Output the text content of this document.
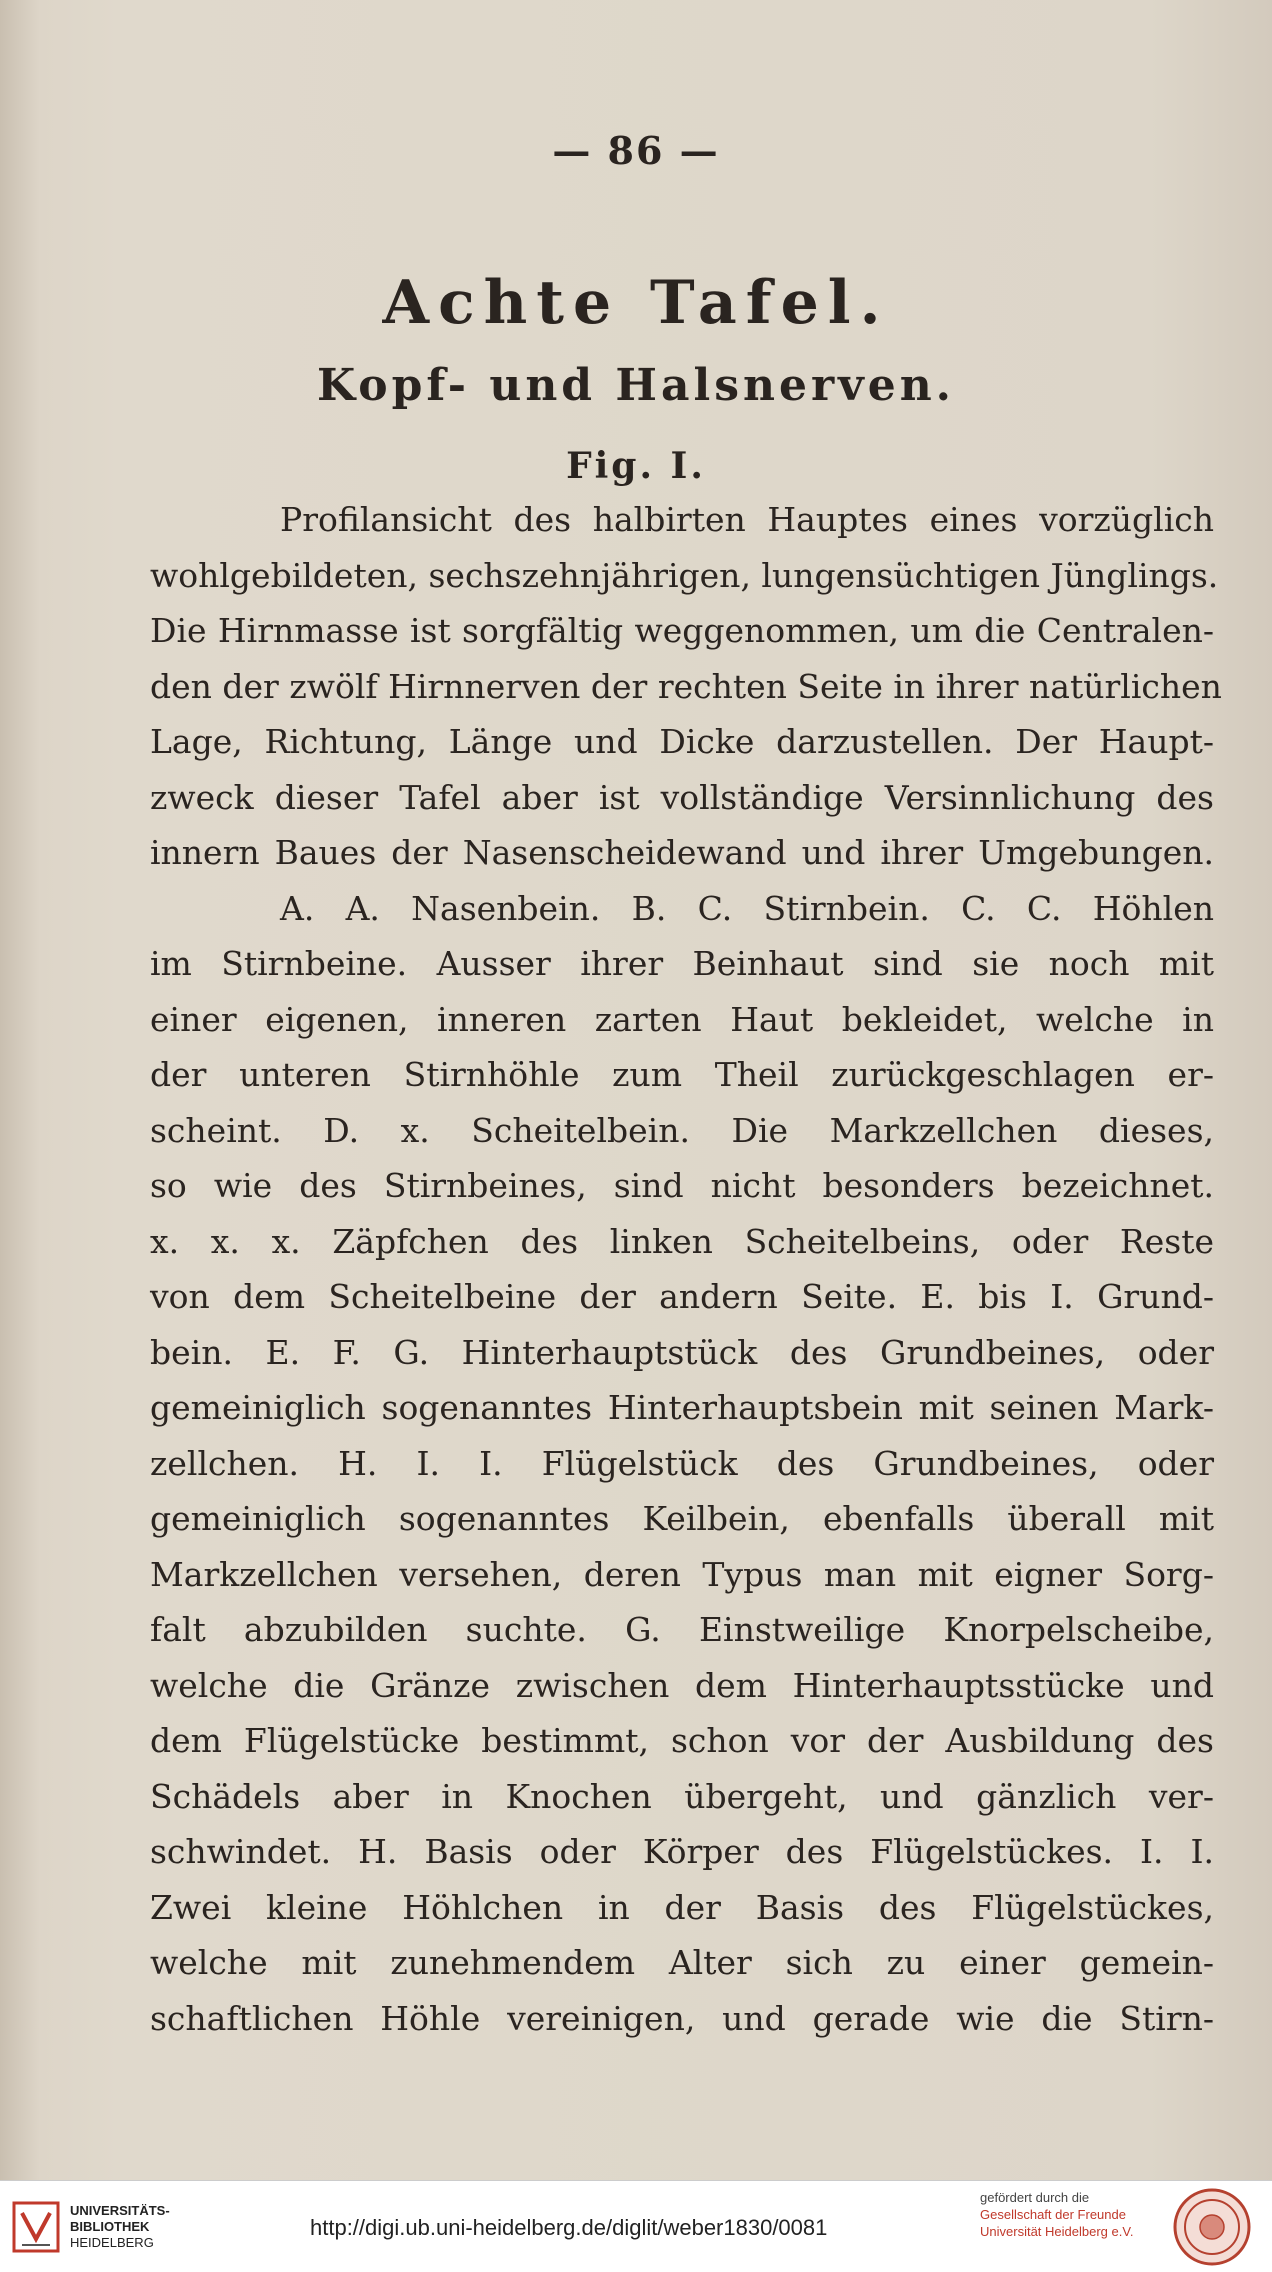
— 86 —
Achte Tafel.
Kopf- und Halsnerven.
Fig. I.
Profilansicht des halbirten Hauptes eines vorzüglich
wohlgebildeten, sechszehnjährigen, lungensüchtigen Jünglings.
Die Hirnmasse ist sorgfältig weggenommen, um die Centralen-
den der zwölf Hirnnerven der rechten Seite in ihrer natürlichen
Lage, Richtung, Länge und Dicke darzustellen. Der Haupt-
zweck dieser Tafel aber ist vollständige Versinnlichung des
innern Baues der Nasenscheidewand und ihrer Umgebungen.
A. A. Nasenbein. B. C. Stirnbein. C. C. Höhlen
im Stirnbeine. Ausser ihrer Beinhaut sind sie noch mit
einer eigenen, inneren zarten Haut bekleidet, welche in
der unteren Stirnhöhle zum Theil zurückgeschlagen er-
scheint. D. x. Scheitelbein. Die Markzellchen dieses,
so wie des Stirnbeines, sind nicht besonders bezeichnet.
x. x. x. Zäpfchen des linken Scheitelbeins, oder Reste
von dem Scheitelbeine der andern Seite. E. bis I. Grund-
bein. E. F. G. Hinterhauptstück des Grundbeines, oder
gemeiniglich sogenanntes Hinterhauptsbein mit seinen Mark-
zellchen. H. I. I. Flügelstück des Grundbeines, oder
gemeiniglich sogenanntes Keilbein, ebenfalls überall mit
Markzellchen versehen, deren Typus man mit eigner Sorg-
falt abzubilden suchte. G. Einstweilige Knorpelscheibe,
welche die Gränze zwischen dem Hinterhauptsstücke und
dem Flügelstücke bestimmt, schon vor der Ausbildung des
Schädels aber in Knochen übergeht, und gänzlich ver-
schwindet. H. Basis oder Körper des Flügelstückes. I. I.
Zwei kleine Höhlchen in der Basis des Flügelstückes,
welche mit zunehmendem Alter sich zu einer gemein-
schaftlichen Höhle vereinigen, und gerade wie die Stirn-
UNIVERSITÄTS-
BIBLIOTHEK
HEIDELBERG
http://digi.ub.uni-heidelberg.de/diglit/weber1830/0081
gefördert durch die
Gesellschaft der Freunde
Universität Heidelberg e.V.
